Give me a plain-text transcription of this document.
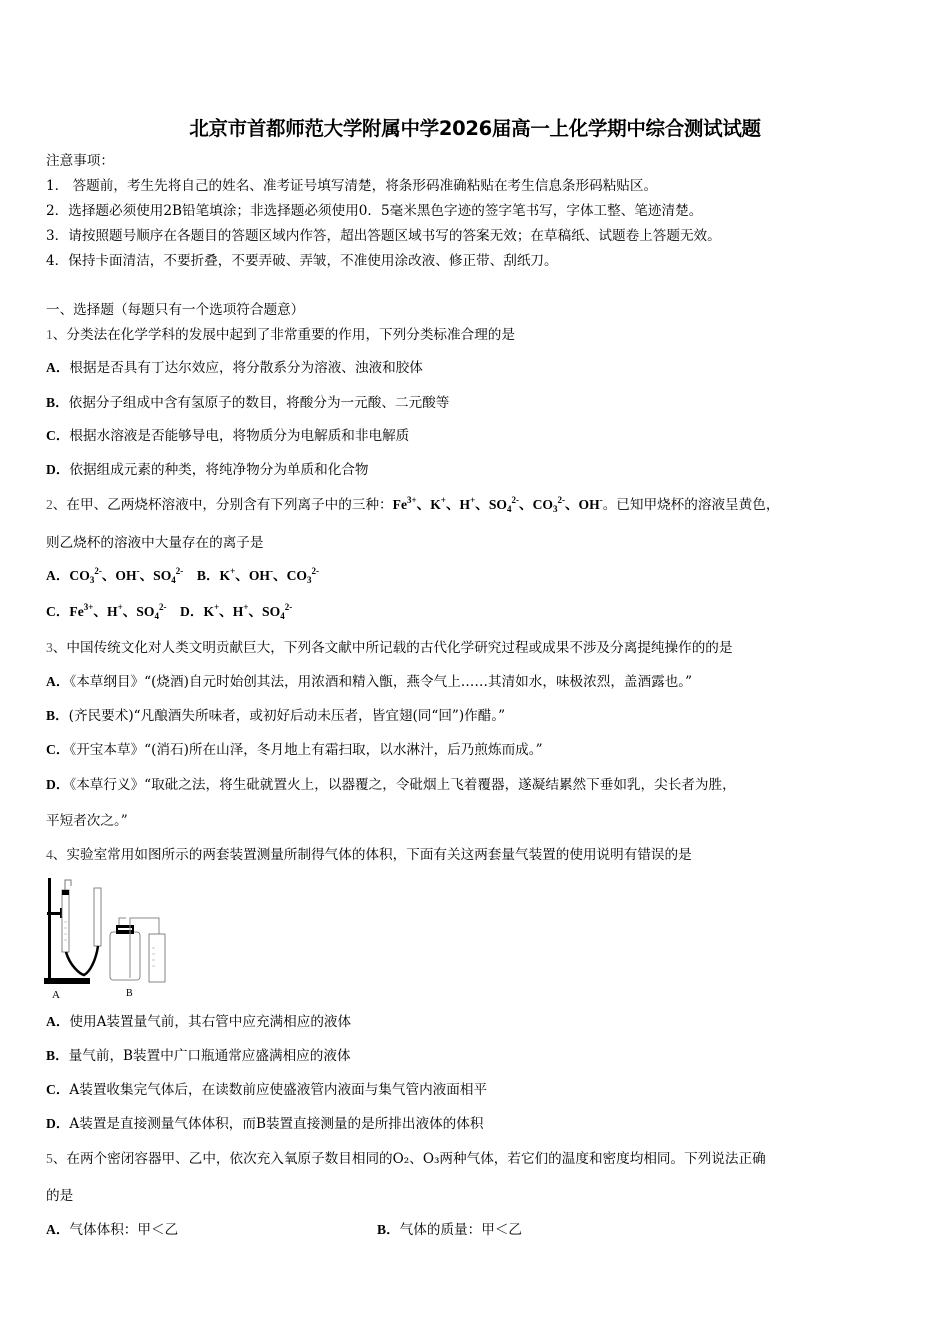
北京市首都师范大学附属中学2026届高一上化学期中综合测试试题
注意事项：
1． 答题前，考生先将自己的姓名、准考证号填写清楚，将条形码准确粘贴在考生信息条形码粘贴区。
2．选择题必须使用2B铅笔填涂；非选择题必须使用0．5毫米黑色字迹的签字笔书写，字体工整、笔迹清楚。
3．请按照题号顺序在各题目的答题区域内作答，超出答题区域书写的答案无效；在草稿纸、试题卷上答题无效。
4．保持卡面清洁，不要折叠，不要弄破、弄皱，不准使用涂改液、修正带、刮纸刀。
一、选择题（每题只有一个选项符合题意）
1、分类法在化学学科的发展中起到了非常重要的作用，下列分类标准合理的是
A．根据是否具有丁达尔效应，将分散系分为溶液、浊液和胶体
B．依据分子组成中含有氢原子的数目，将酸分为一元酸、二元酸等
C．根据水溶液是否能够导电，将物质分为电解质和非电解质
D．依据组成元素的种类，将纯净物分为单质和化合物
2、在甲、乙两烧杯溶液中，分别含有下列离子中的三种：$Fe^{3+}$、K+、H+、$SO_4^{2-}$、$CO_3^{2-}$、OH-。已知甲烧杯的溶液呈黄色，
则乙烧杯的溶液中大量存在的离子是
A．$CO_3^{2-}$、OH-、$SO_4^{2-}$    B．K+、OH-、$CO_3^{2-}$
C．$Fe^{3+}$、H+、$SO_4^{2-}$    D．K+、H+、$SO_4^{2-}$
3、中国传统文化对人类文明贡献巨大，下列各文献中所记载的古代化学研究过程或成果不涉及分离提纯操作的的是
A．《本草纲目》“(烧酒)自元时始创其法，用浓酒和精入甑，燕令气上……其清如水，味极浓烈，盖酒露也。”
B．(齐民要术)“凡酿酒失所味者，或初好后动未压者，皆宜翅(同“回”)作醋。”
C．《开宝本草》“(消石)所在山泽，冬月地上有霜扫取，以水淋汁，后乃煎炼而成。”
D．《本草行义》“取砒之法，将生砒就置火上，以器覆之，令砒烟上飞着覆器，遂凝结累然下垂如乳，尖长者为胜，
平短者次之。”
4、实验室常用如图所示的两套装置测量所制得气体的体积，下面有关这两套量气装置的使用说明有错误的是
A	B
A．使用A装置量气前，其右管中应充满相应的液体
B．量气前，B装置中广口瓶通常应盛满相应的液体
C．A装置收集完气体后，在读数前应使盛液管内液面与集气管内液面相平
D．A装置是直接测量气体体积，而B装置直接测量的是所排出液体的体积
5、在两个密闭容器甲、乙中，依次充入氧原子数目相同的O₂、O₃两种气体，若它们的温度和密度均相同。下列说法正确
的是
A．气体体积：甲＜乙	B．气体的质量：甲＜乙
